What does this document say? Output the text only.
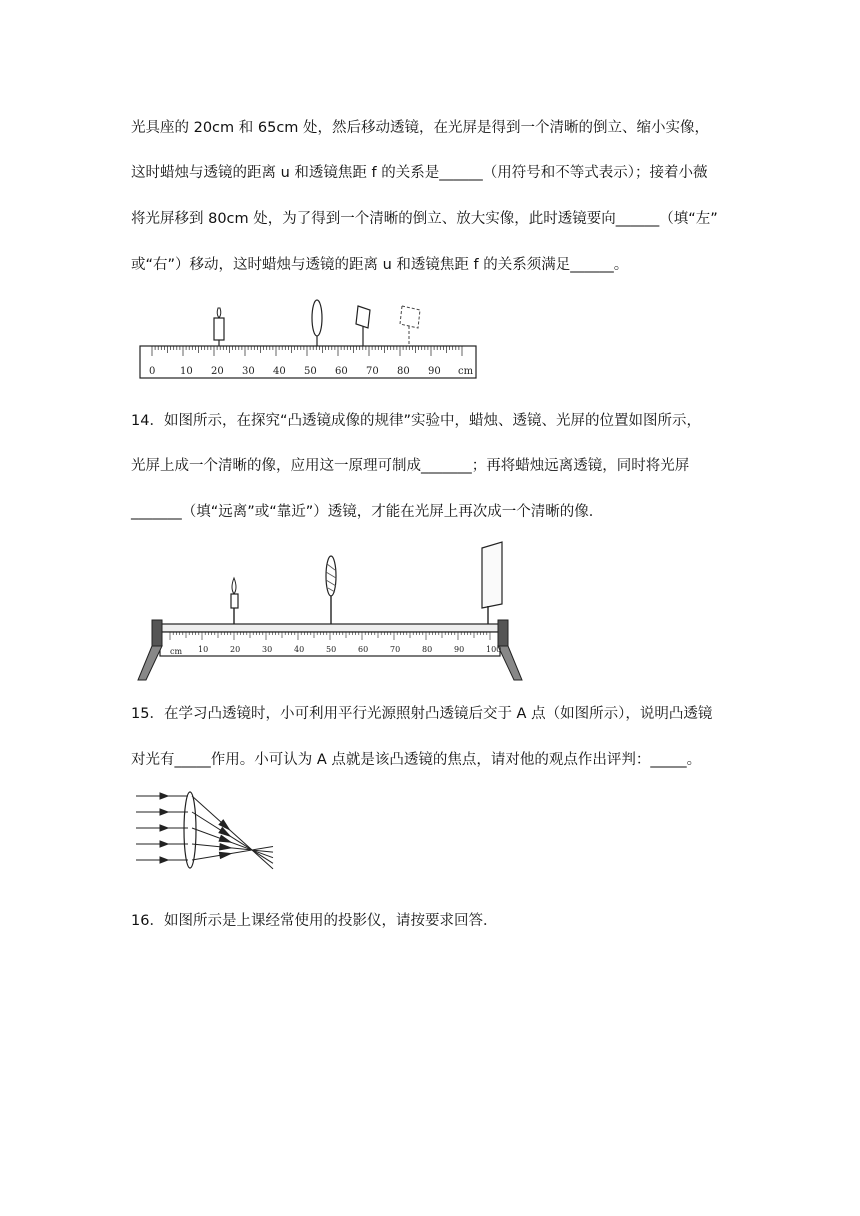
光具座的 20cm 和 65cm 处，然后移动透镜，在光屏是得到一个清晰的倒立、缩小实像，
这时蜡烛与透镜的距离 u 和透镜焦距 f 的关系是______（用符号和不等式表示）；接着小薇
将光屏移到 80cm 处，为了得到一个清晰的倒立、放大实像，此时透镜要向______（填“左”
或“右”）移动，这时蜡烛与透镜的距离 u 和透镜焦距 f 的关系须满足______。
0 10 20 30 40 50 60 70 80 90 cm
14．如图所示，在探究“凸透镜成像的规律”实验中，蜡烛、透镜、光屏的位置如图所示，
光屏上成一个清晰的像，应用这一原理可制成_______；再将蜡烛远离透镜，同时将光屏
_______（填“远离”或“靠近”）透镜，才能在光屏上再次成一个清晰的像．
10	20	30	40	50	60	70	80	90	100
cm
15．在学习凸透镜时，小可利用平行光源照射凸透镜后交于 A 点（如图所示），说明凸透镜
对光有_____作用。小可认为 A 点就是该凸透镜的焦点，请对他的观点作出评判：_____。
16．如图所示是上课经常使用的投影仪，请按要求回答．
